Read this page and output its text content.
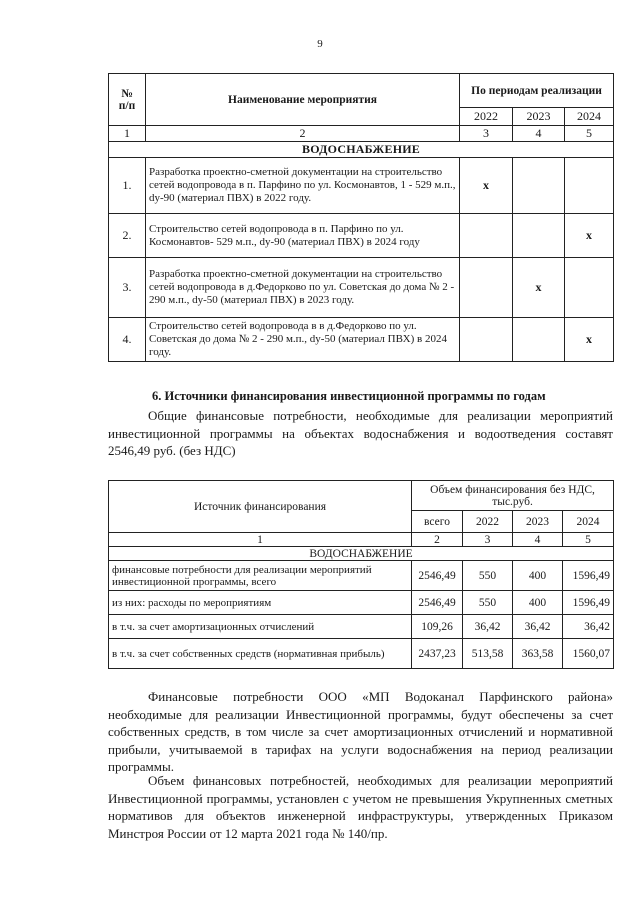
9
№
п/п	Наименование мероприятия	По периодам реализации		
		2022	2023	2024
1	2	3	4	5
ВОДОСНАБЖЕНИЕ				
1.	Разработка проектно-сметной документации на строительство сетей водопровода в п. Парфино по ул. Космонавтов, 1 - 529 м.п., dy-90 (материал ПВХ) в 2022 году.	x		
2.	Строительство сетей водопровода в п. Парфино по ул. Космонавтов- 529 м.п., dy-90 (материал ПВХ) в 2024 году			x
3.	Разработка проектно-сметной документации на строительство сетей водопровода в д.Федорково по ул. Советская до дома № 2 - 290 м.п., dy-50 (материал ПВХ) в 2023 году.		x	
4.	Строительство сетей водопровода в в д.Федорково по ул. Советская до дома № 2 - 290 м.п., dy-50 (материал ПВХ) в 2024 году.			x
6. Источники финансирования инвестиционной программы по годам
Общие финансовые потребности, необходимые для реализации мероприятий инвестиционной программы на объектах водоснабжения и водоотведения составят 2546,49 руб. (без НДС)
Источник финансирования	Объем финансирования без НДС, тыс.руб.			
	всего	2022	2023	2024
1	2	3	4	5
ВОДОСНАБЖЕНИЕ				
финансовые потребности для реализации мероприятий инвестиционной программы, всего	2546,49	550	400	1596,49
из них: расходы по мероприятиям	2546,49	550	400	1596,49
в т.ч. за счет амортизационных отчислений	109,26	36,42	36,42	36,42
в т.ч. за счет собственных средств (нормативная прибыль)	2437,23	513,58	363,58	1560,07
Финансовые потребности ООО «МП Водоканал Парфинского района» необходимые для реализации Инвестиционной программы, будут обеспечены за счет собственных средств, в том числе за счет амортизационных отчислений и нормативной прибыли, учитываемой в тарифах на услуги водоснабжения на период реализации программы.
Объем финансовых потребностей, необходимых для реализации мероприятий Инвестиционной программы, установлен с учетом не превышения Укрупненных сметных нормативов для объектов инженерной инфраструктуры, утвержденных Приказом Минстроя России от 12 марта 2021 года № 140/пр.
